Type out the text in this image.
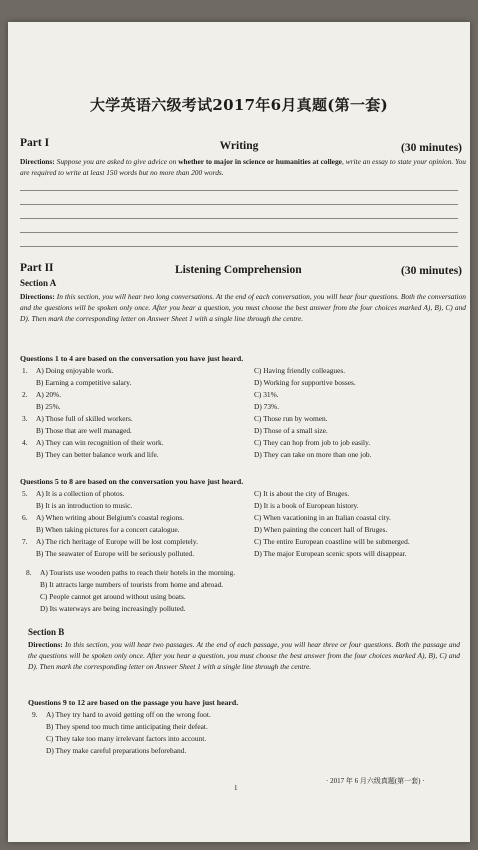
大学英语六级考试2017年6月真题(第一套)
Part I	Writing	(30 minutes)
Directions: Suppose you are asked to give advice on whether to major in science or humanities at college, write an essay to state your opinion. You are required to write at least 150 words but no more than 200 words.
Part II	Listening Comprehension	(30 minutes)
Section A
Directions: In this section, you will hear two long conversations. At the end of each conversation, you will hear four questions. Both the conversation and the questions will be spoken only once. After you hear a question, you must choose the best answer from the four choices marked A), B), C) and D). Then mark the corresponding letter on Answer Sheet 1 with a single line through the centre.
Questions 1 to 4 are based on the conversation you have just heard.
1. A) Doing enjoyable work.
B) Earning a competitive salary.
C) Having friendly colleagues.
D) Working for supportive bosses.
2. A) 20%.
B) 25%.
C) 31%.
D) 73%.
3. A) Those full of skilled workers.
B) Those that are well managed.
C) Those run by women.
D) Those of a small size.
4. A) They can win recognition of their work.
B) They can better balance work and life.
C) They can hop from job to job easily.
D) They can take on more than one job.
5. A) It is a collection of photos.
B) It is an introduction to music.
C) It is about the city of Bruges.
D) It is a book of European history.
6. A) When writing about Belgium's coastal regions.
B) When taking pictures for a concert catalogue.
C) When vacationing in an Italian coastal city.
D) When painting the concert hall of Bruges.
7. A) The rich heritage of Europe will be lost completely.
B) The seawater of Europe will be seriously polluted.
C) The entire European coastline will be submerged.
D) The major European scenic spots will disappear.
Questions 5 to 8 are based on the conversation you have just heard.
8. A) Tourists use wooden paths to reach their hotels in the morning.
B) It attracts large numbers of tourists from home and abroad.
C) People cannot get around without using boats.
D) Its waterways are being increasingly polluted.
Section B
Directions: In this section, you will hear two passages. At the end of each passage, you will hear three or four questions. Both the passage and the questions will be spoken only once. After you hear a question, you must choose the best answer from the four choices marked A), B), C) and D). Then mark the corresponding letter on Answer Sheet 1 with a single line through the centre.
Questions 9 to 12 are based on the passage you have just heard.
9. A) They try hard to avoid getting off on the wrong foot.
B) They spend too much time anticipating their defeat.
C) They take too many irrelevant factors into account.
D) They make careful preparations beforehand.
1
· 2017 年 6 月六级真题(第一套) ·
